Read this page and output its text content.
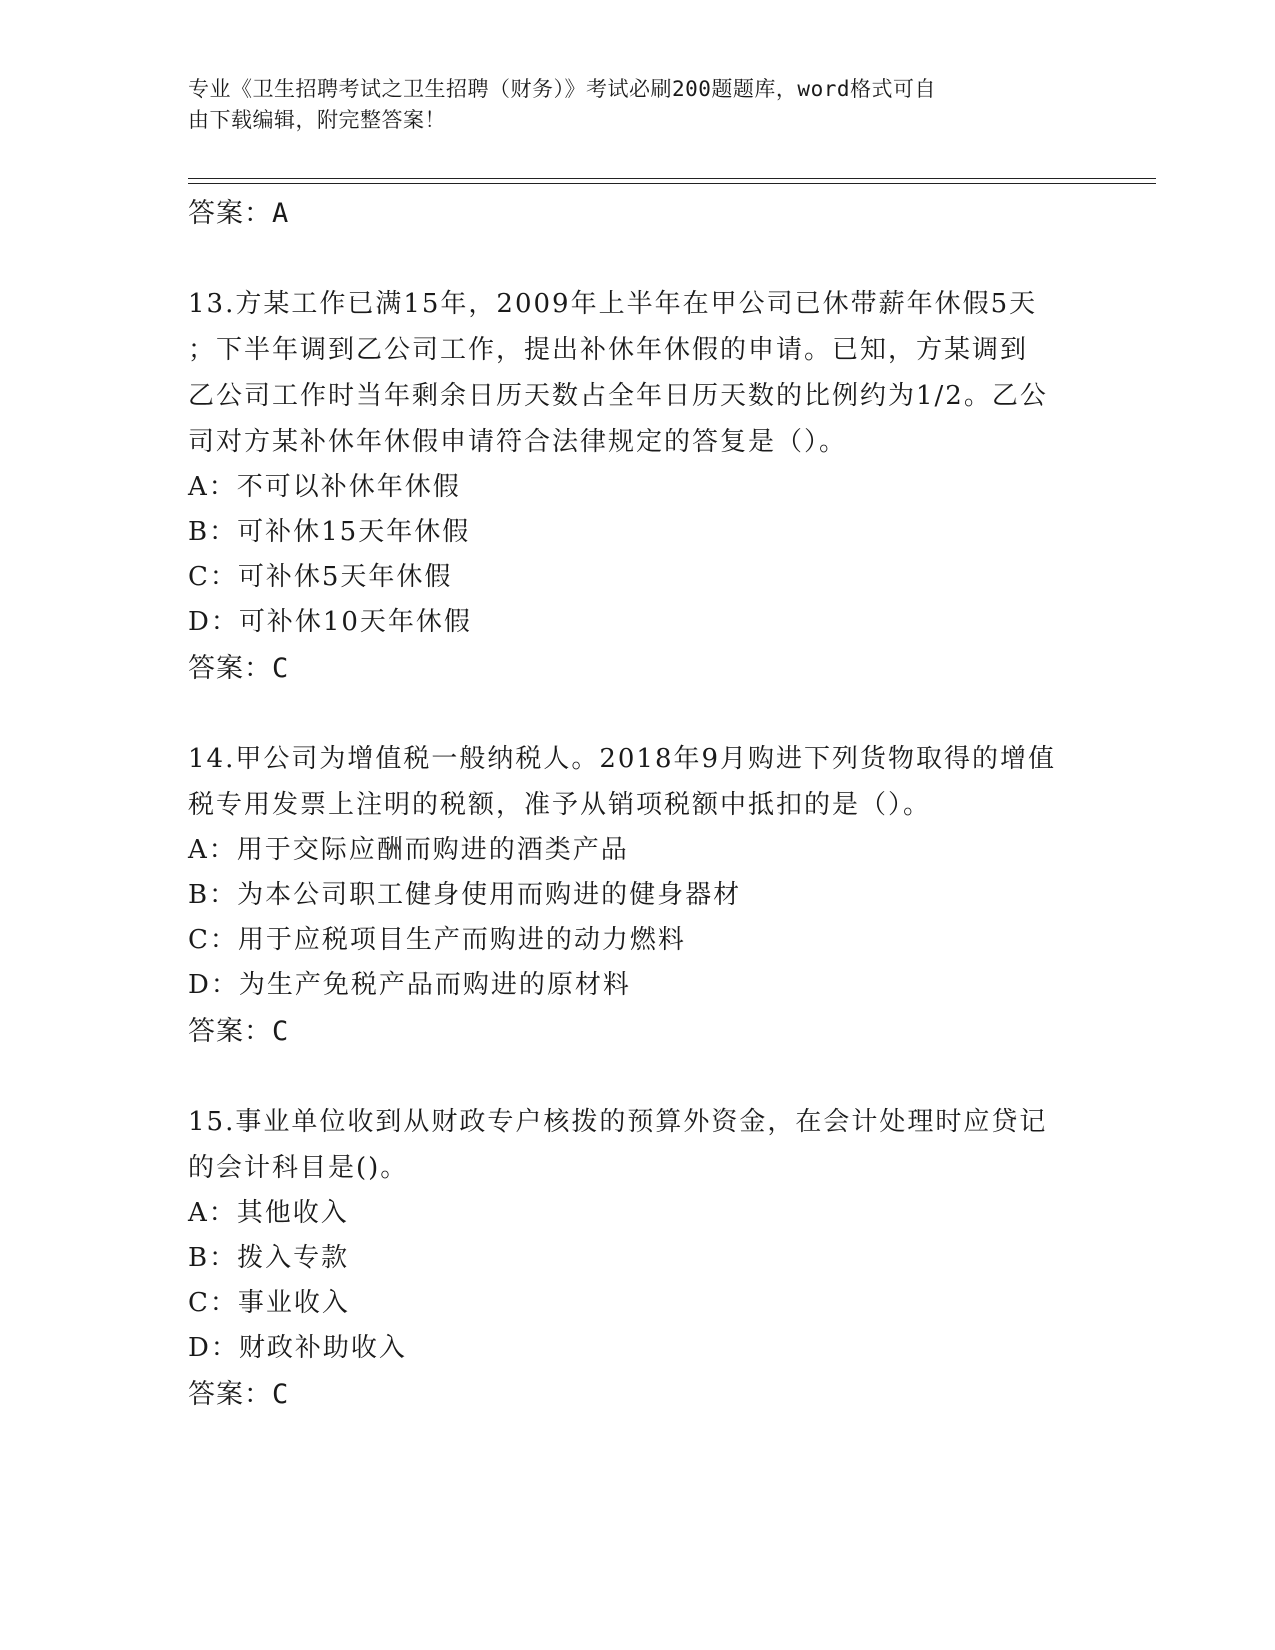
专业《卫生招聘考试之卫生招聘（财务）》考试必刷200题题库，word格式可自
由下载编辑，附完整答案！
答案：A
13.方某工作已满15年，2009年上半年在甲公司已休带薪年休假5天
；下半年调到乙公司工作，提出补休年休假的申请。已知，方某调到
乙公司工作时当年剩余日历天数占全年日历天数的比例约为1/2。乙公
司对方某补休年休假申请符合法律规定的答复是（）。
A：不可以补休年休假
B：可补休15天年休假
C：可补休5天年休假
D：可补休10天年休假
答案：C
14.甲公司为增值税一般纳税人。2018年9月购进下列货物取得的增值
税专用发票上注明的税额，准予从销项税额中抵扣的是（）。
A：用于交际应酬而购进的酒类产品
B：为本公司职工健身使用而购进的健身器材
C：用于应税项目生产而购进的动力燃料
D：为生产免税产品而购进的原材料
答案：C
15.事业单位收到从财政专户核拨的预算外资金，在会计处理时应贷记
的会计科目是()。
A：其他收入
B：拨入专款
C：事业收入
D：财政补助收入
答案：C
